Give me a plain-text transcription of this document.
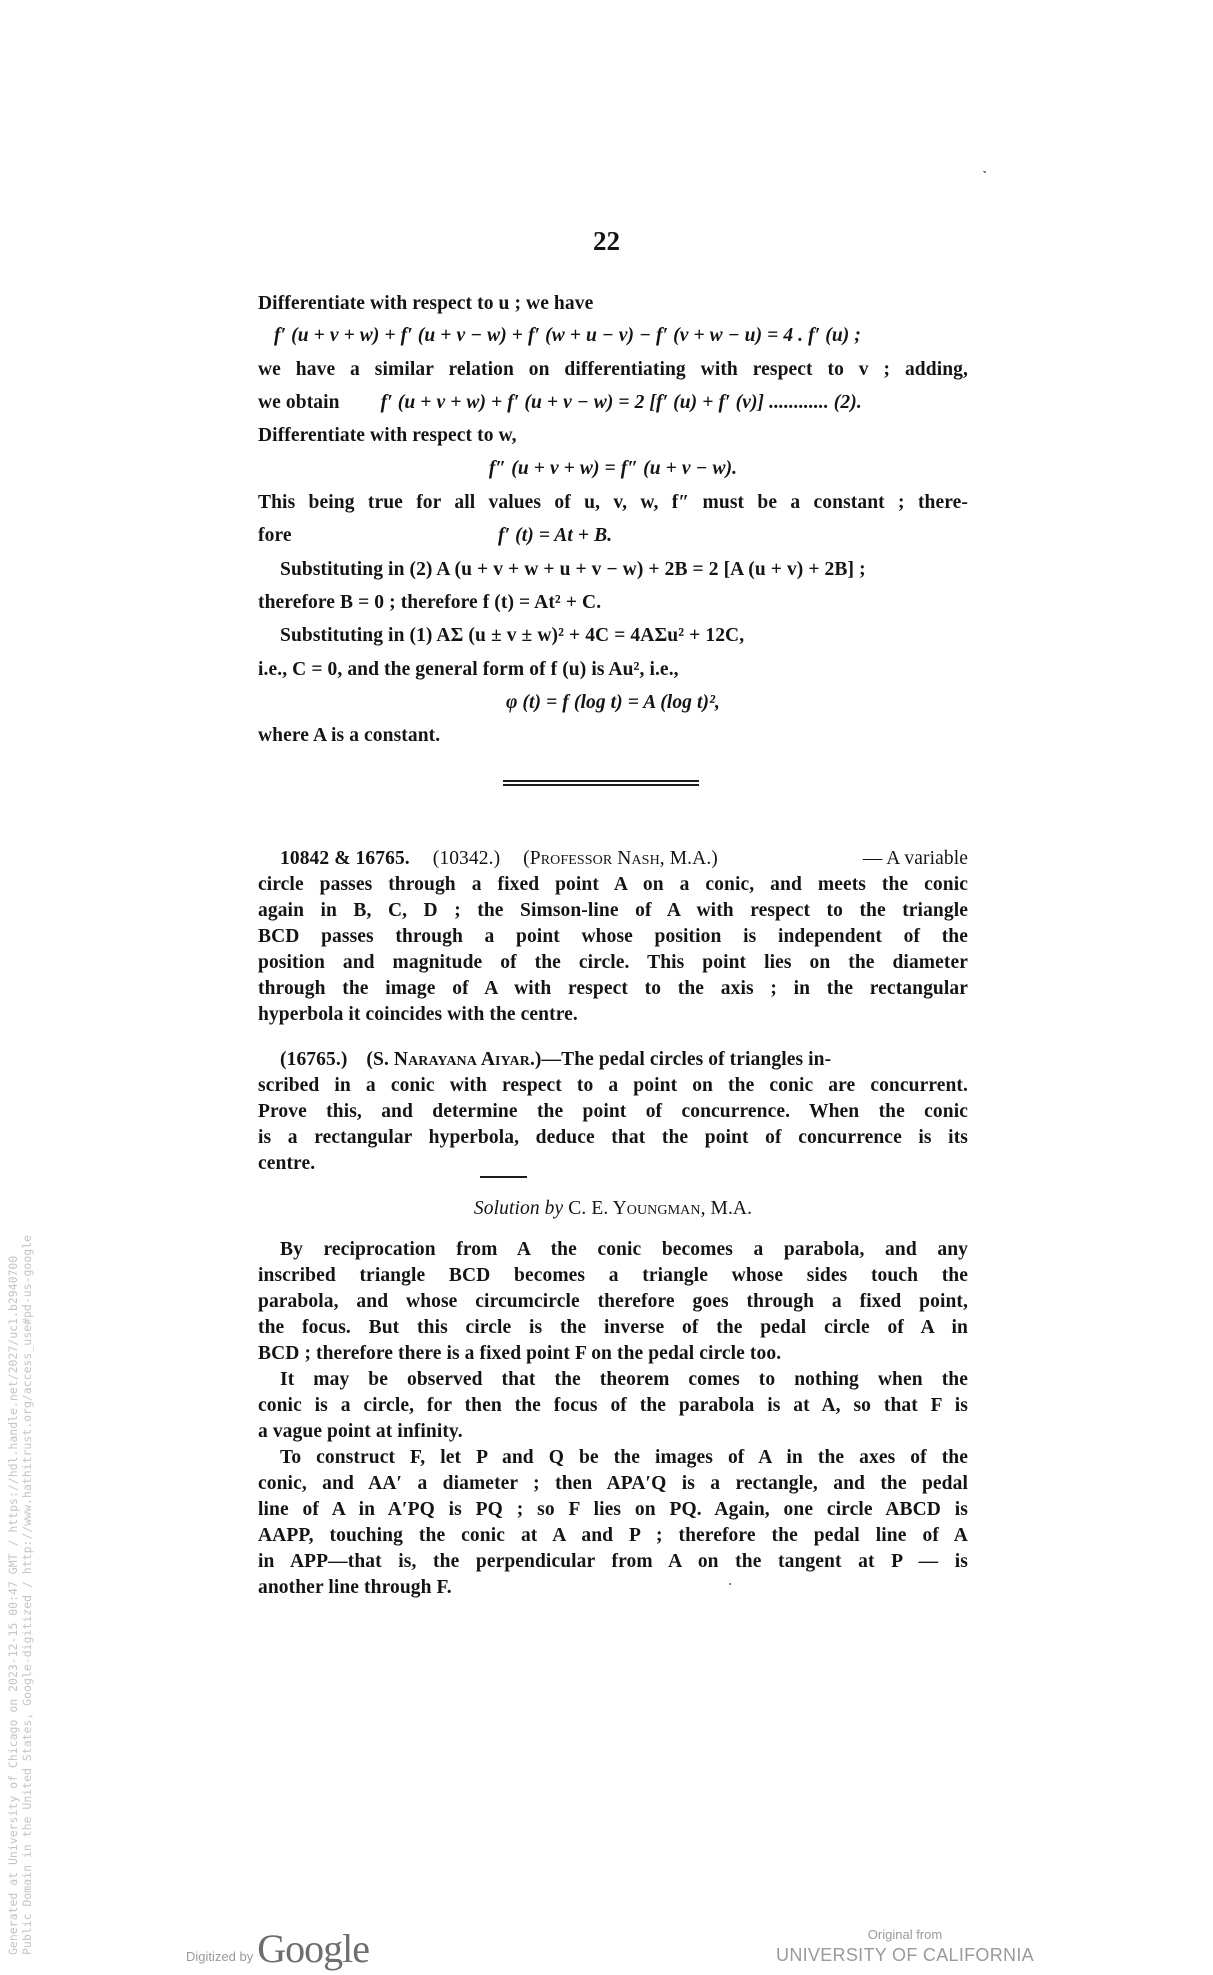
22
Differentiate with respect to u ; we have
f′ (u + v + w) + f′ (u + v − w) + f′ (w + u − v) − f′ (v + w − u) = 4 . f′ (u) ;
we have a similar relation on differentiating with respect to v ; adding,
we obtain f′ (u + v + w) + f′ (u + v − w) = 2 [f′ (u) + f′ (v)] ............ (2).
Differentiate with respect to w,
f″ (u + v + w) = f″ (u + v − w).
This being true for all values of u, v, w, f″ must be a constant ; there-
fore	f′ (t) = At + B.
Substituting in (2) A (u + v + w + u + v − w) + 2B = 2 [A (u + v) + 2B] ;
therefore B = 0 ; therefore f (t) = At² + C.
Substituting in (1) AΣ (u ± v ± w)² + 4C = 4AΣu² + 12C,
i.e., C = 0, and the general form of f (u) is Au², i.e.,
φ (t) = f (log t) = A (log t)²,
where A is a constant.
10842 & 16765. (10342.) (Professor Nash, M.A.)	— A variable
circle passes through a fixed point A on a conic, and meets the conic
again in B, C, D ; the Simson-line of A with respect to the triangle
BCD passes through a point whose position is independent of the
position and magnitude of the circle. This point lies on the diameter
through the image of A with respect to the axis ; in the rectangular
hyperbola it coincides with the centre.
(16765.) (S. Narayana Aiyar.)—The pedal circles of triangles in-
scribed in a conic with respect to a point on the conic are concurrent.
Prove this, and determine the point of concurrence. When the conic
is a rectangular hyperbola, deduce that the point of concurrence is its
centre.
Solution by C. E. Youngman, M.A.
By reciprocation from A the conic becomes a parabola, and any
inscribed triangle BCD becomes a triangle whose sides touch the
parabola, and whose circumcircle therefore goes through a fixed point,
the focus. But this circle is the inverse of the pedal circle of A in
BCD ; therefore there is a fixed point F on the pedal circle too.
It may be observed that the theorem comes to nothing when the
conic is a circle, for then the focus of the parabola is at A, so that F is
a vague point at infinity.
To construct F, let P and Q be the images of A in the axes of the
conic, and AA′ a diameter ; then APA′Q is a rectangle, and the pedal
line of A in A′PQ is PQ ; so F lies on PQ. Again, one circle ABCD is
AAPP, touching the conic at A and P ; therefore the pedal line of A
in APP—that is, the perpendicular from A on the tangent at P — is
another line through F.
Generated at University of Chicago on 2023-12-15 00:47 GMT / https://hdl.handle.net/2027/uc1.b2940700 Public Domain in the United States, Google-digitized / http://www.hathitrust.org/access_use#pd-us-google
Digitized by Google	Original from
UNIVERSITY OF CALIFORNIA
